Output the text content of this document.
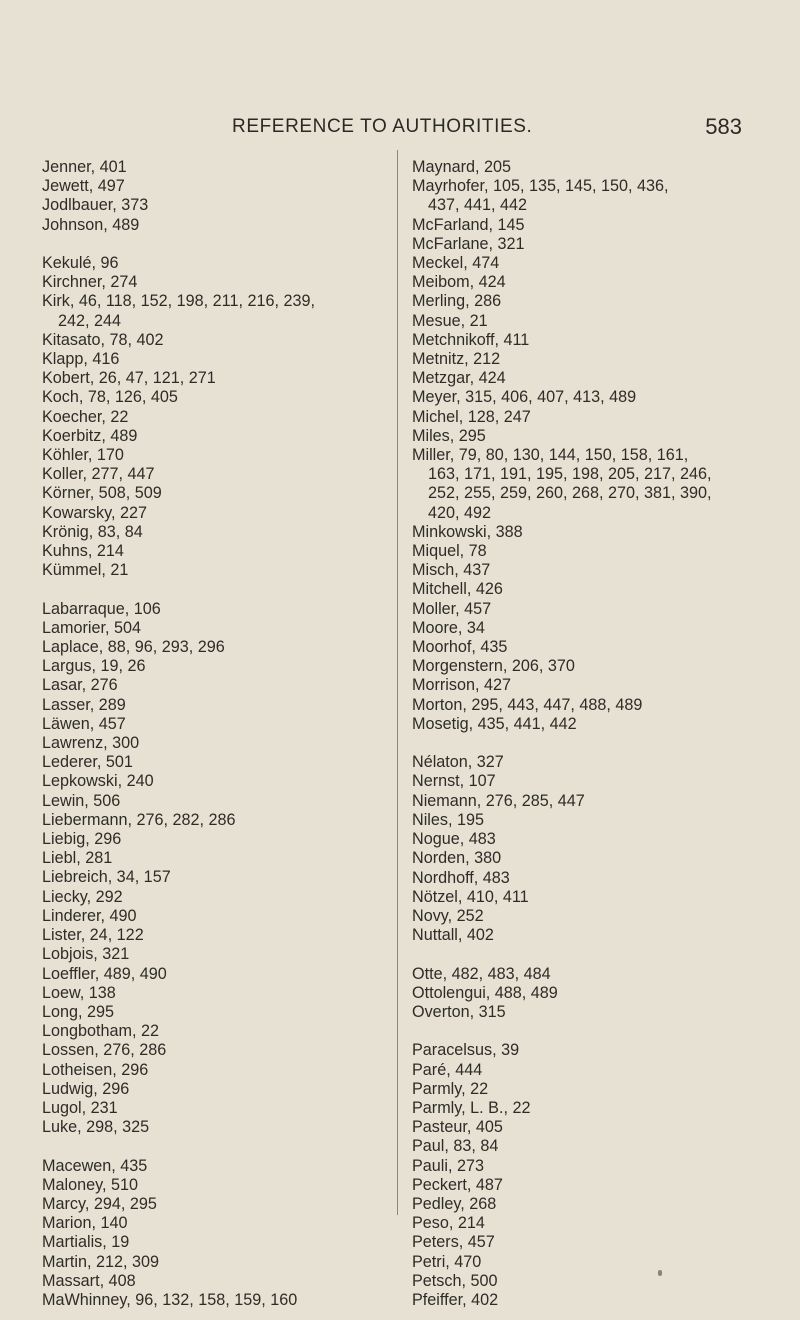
REFERENCE TO AUTHORITIES.	583
Jenner, 401
Jewett, 497
Jodlbauer, 373
Johnson, 489
Kekulé, 96
Kirchner, 274
Kirk, 46, 118, 152, 198, 211, 216, 239,
242, 244
Kitasato, 78, 402
Klapp, 416
Kobert, 26, 47, 121, 271
Koch, 78, 126, 405
Koecher, 22
Koerbitz, 489
Köhler, 170
Koller, 277, 447
Körner, 508, 509
Kowarsky, 227
Krönig, 83, 84
Kuhns, 214
Kümmel, 21
Labarraque, 106
Lamorier, 504
Laplace, 88, 96, 293, 296
Largus, 19, 26
Lasar, 276
Lasser, 289
Läwen, 457
Lawrenz, 300
Lederer, 501
Lepkowski, 240
Lewin, 506
Liebermann, 276, 282, 286
Liebig, 296
Liebl, 281
Liebreich, 34, 157
Liecky, 292
Linderer, 490
Lister, 24, 122
Lobjois, 321
Loeffler, 489, 490
Loew, 138
Long, 295
Longbotham, 22
Lossen, 276, 286
Lotheisen, 296
Ludwig, 296
Lugol, 231
Luke, 298, 325
Macewen, 435
Maloney, 510
Marcy, 294, 295
Marion, 140
Martialis, 19
Martin, 212, 309
Massart, 408
MaWhinney, 96, 132, 158, 159, 160
Maynard, 205
Mayrhofer, 105, 135, 145, 150, 436,
437, 441, 442
McFarland, 145
McFarlane, 321
Meckel, 474
Meibom, 424
Merling, 286
Mesue, 21
Metchnikoff, 411
Metnitz, 212
Metzgar, 424
Meyer, 315, 406, 407, 413, 489
Michel, 128, 247
Miles, 295
Miller, 79, 80, 130, 144, 150, 158, 161,
163, 171, 191, 195, 198, 205, 217, 246,
252, 255, 259, 260, 268, 270, 381, 390,
420, 492
Minkowski, 388
Miquel, 78
Misch, 437
Mitchell, 426
Moller, 457
Moore, 34
Moorhof, 435
Morgenstern, 206, 370
Morrison, 427
Morton, 295, 443, 447, 488, 489
Mosetig, 435, 441, 442
Nélaton, 327
Nernst, 107
Niemann, 276, 285, 447
Niles, 195
Nogue, 483
Norden, 380
Nordhoff, 483
Nötzel, 410, 411
Novy, 252
Nuttall, 402
Otte, 482, 483, 484
Ottolengui, 488, 489
Overton, 315
Paracelsus, 39
Paré, 444
Parmly, 22
Parmly, L. B., 22
Pasteur, 405
Paul, 83, 84
Pauli, 273
Peckert, 487
Pedley, 268
Peso, 214
Peters, 457
Petri, 470
Petsch, 500
Pfeiffer, 402
